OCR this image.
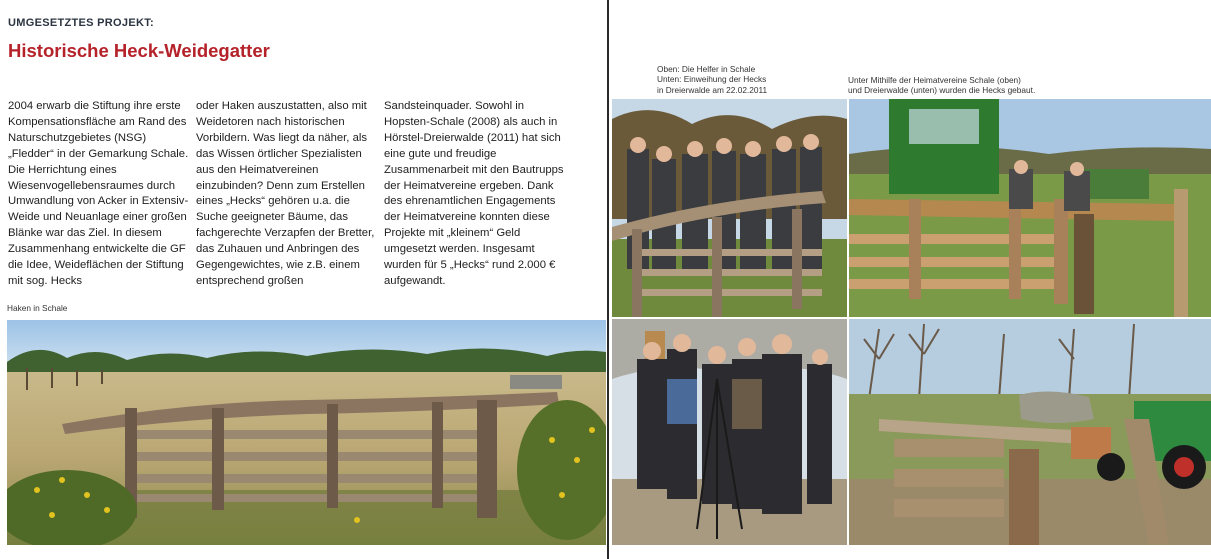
UMGESETZTES PROJEKT:
Historische Heck-Weidegatter

2004 erwarb die Stiftung ihre erste Kompensationsfläche am Rand des Naturschutzgebietes (NSG) „Fledder“ in der Gemarkung Schale. Die Herrichtung eines Wiesenvogellebensraumes durch Umwandlung von Acker in Extensiv-Weide und Neuanlage einer großen Blänke war das Ziel. In diesem Zusammenhang entwickelte die GF die Idee, Weideflächen der Stiftung mit sog. Hecks

oder Haken auszustatten, also mit Weidetoren nach historischen Vorbildern. Was liegt da näher, als das Wissen örtlicher Spezialisten aus den Heimatvereinen einzubinden? Denn zum Erstellen eines „Hecks“ gehören u.a. die Suche geeigneter Bäume, das fachgerechte Verzapfen der Bretter, das Zuhauen und Anbringen des Gegengewichtes, wie z.B. einem entsprechend großen

Sandsteinquader. Sowohl in Hopsten-Schale (2008) als auch in Hörstel-Dreierwalde (2011) hat sich eine gute und freudige Zusammenarbeit mit den Bautrupps der Heimatvereine ergeben. Dank des ehrenamtlichen Engagements der Heimatvereine konnten diese Projekte mit „kleinem“ Geld umgesetzt werden. Insgesamt wurden für 5 „Hecks“ rund 2.000 € aufgewandt.

Haken in Schale
Oben: Die Helfer in Schale
Unten: Einweihung der Hecks
in Dreierwalde am 22.02.2011
Unter Mithilfe der Heimatvereine Schale (oben)
und Dreierwalde (unten) wurden die Hecks gebaut.
